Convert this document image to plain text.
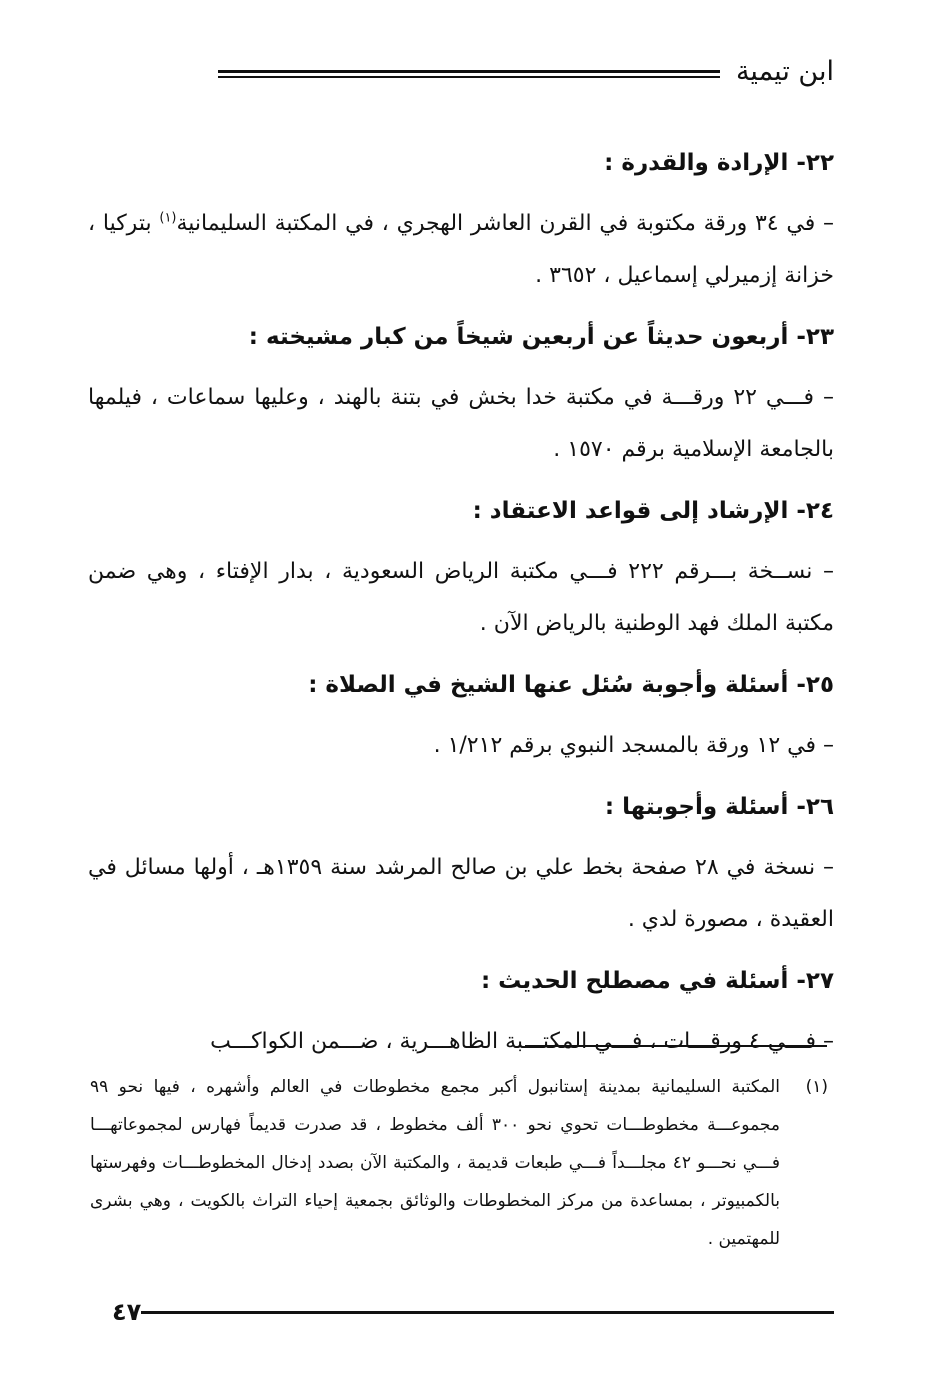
ابن تيمية

٢٢- الإرادة والقدرة :

– في ٣٤ ورقة مكتوبة في القرن العاشر الهجري ، في المكتبة السليمانية$^{(١)}$ بتركيا ، خزانة إزميرلي إسماعيل ، ٣٦٥٢ .

٢٣- أربعون حديثاً عن أربعين شيخاً من كبار مشيخته :

– فـــي ٢٢ ورقـــة في مكتبة خدا بخش في بتنة بالهند ، وعليها سماعات ، فيلمها بالجامعة الإسلامية برقم ١٥٧٠ .

٢٤- الإرشاد إلى قواعد الاعتقاد :

– نســخة بـــرقم ٢٢٢ فـــي مكتبة الرياض السعودية ، بدار الإفتاء ، وهي ضمن مكتبة الملك فهد الوطنية بالرياض الآن .

٢٥- أسئلة وأجوبة سُئل عنها الشيخ في الصلاة :

– في ١٢ ورقة بالمسجد النبوي برقم ١/٢١٢ .

٢٦- أسئلة وأجوبتها :

– نسخة في ٢٨ صفحة بخط علي بن صالح المرشد سنة ١٣٥٩هـ ، أولها مسائل في العقيدة ، مصورة لدي .

٢٧- أسئلة في مصطلح الحديث :

– فـــي ٤ ورقـــات ، فـــي المكتـــبة الظاهـــرية ، ضـــمن الكواكـــب

(١)
المكتبة السليمانية بمدينة إستانبول أكبر مجمع مخطوطات في العالم وأشهره ، فيها نحو ٩٩ مجموعـــة مخطوطـــات تحوي نحو ٣٠٠ ألف مخطوط ، قد صدرت قديماً فهارس لمجموعاتهـــا فـــي نحـــو ٤٢ مجلـــداً فـــي طبعات قديمة ، والمكتبة الآن بصدد إدخال المخطوطـــات وفهرستها بالكمبيوتر ، بمساعدة من مركز المخطوطات والوثائق بجمعية إحياء التراث بالكويت ، وهي بشرى للمهتمين .
٤٧
